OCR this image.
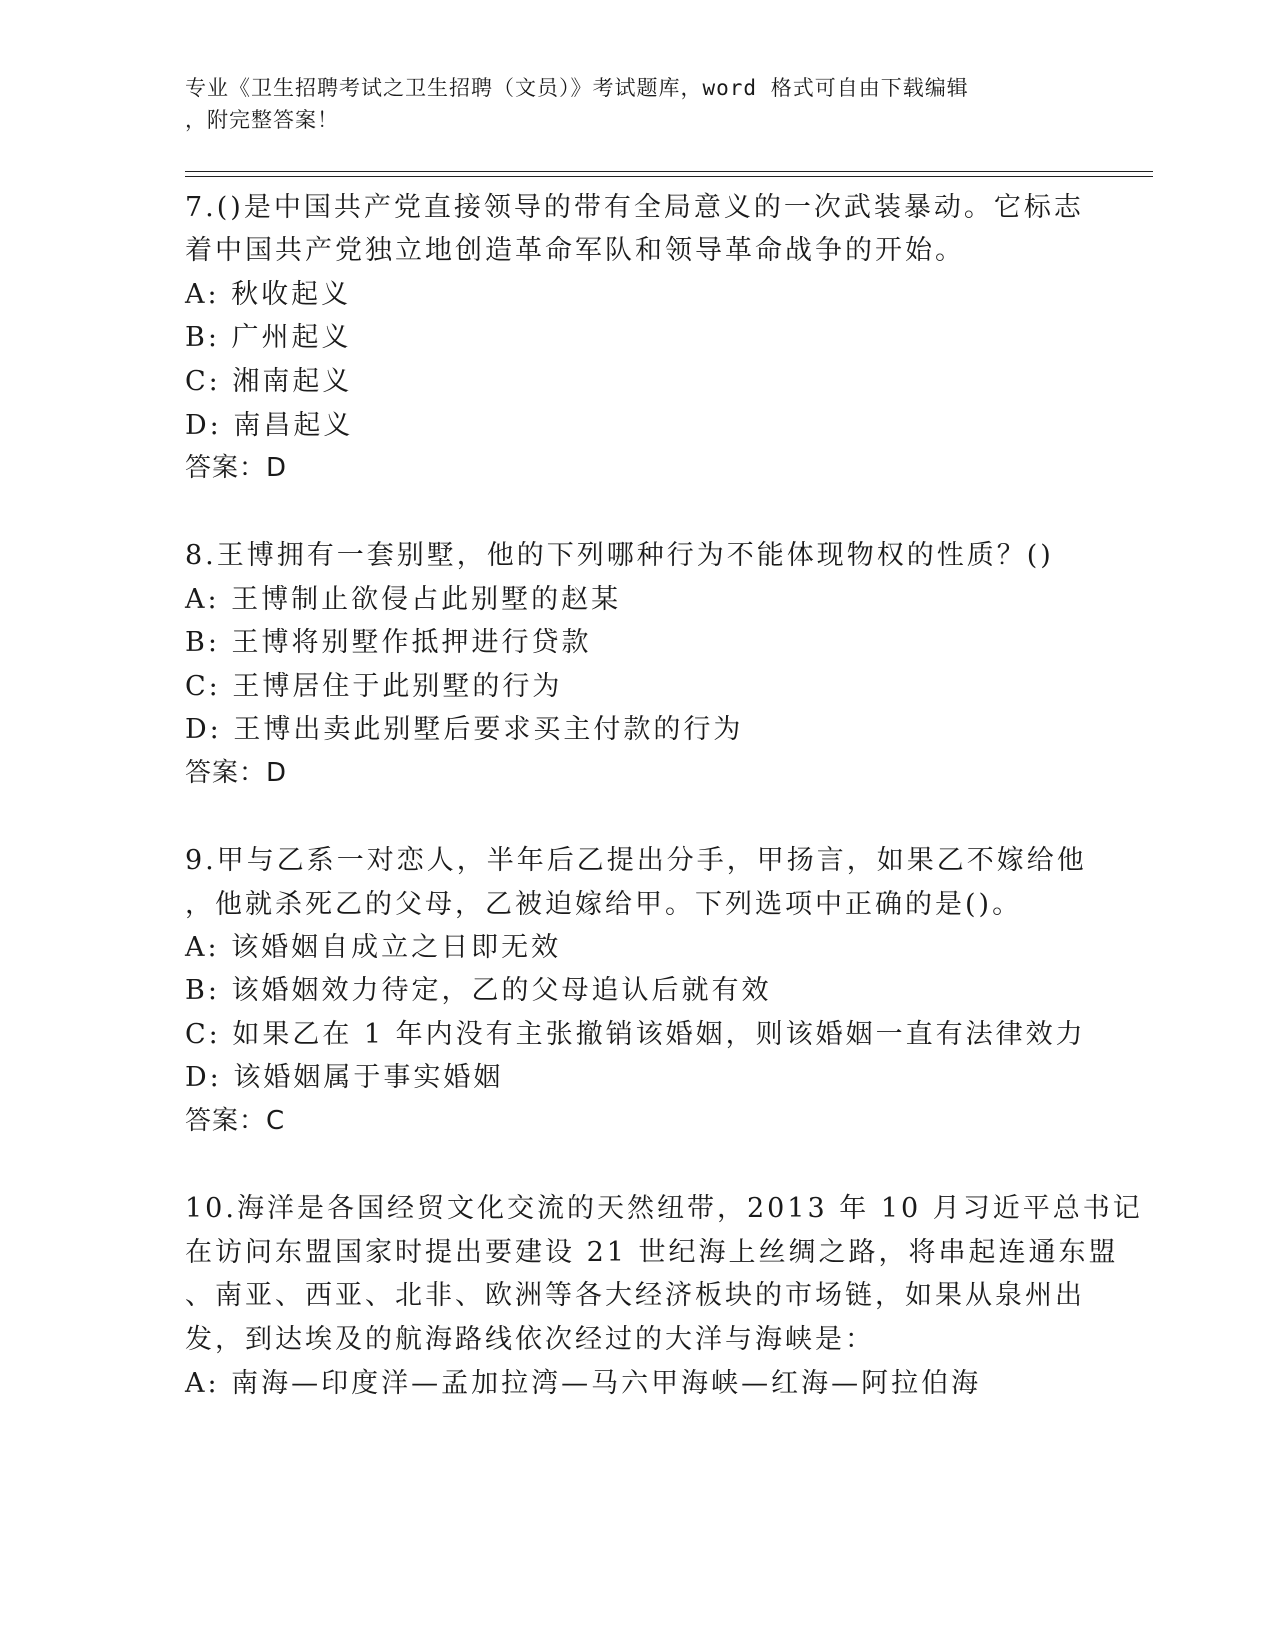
专业《卫生招聘考试之卫生招聘（文员）》考试题库，word 格式可自由下载编辑
，附完整答案！
7.()是中国共产党直接领导的带有全局意义的一次武装暴动。它标志
着中国共产党独立地创造革命军队和领导革命战争的开始。
A: 秋收起义
B: 广州起义
C: 湘南起义
D: 南昌起义
答案：D
8.王博拥有一套别墅，他的下列哪种行为不能体现物权的性质？()
A: 王博制止欲侵占此别墅的赵某
B: 王博将别墅作抵押进行贷款
C: 王博居住于此别墅的行为
D: 王博出卖此别墅后要求买主付款的行为
答案：D
9.甲与乙系一对恋人，半年后乙提出分手，甲扬言，如果乙不嫁给他
，他就杀死乙的父母，乙被迫嫁给甲。下列选项中正确的是()。
A: 该婚姻自成立之日即无效
B: 该婚姻效力待定，乙的父母追认后就有效
C: 如果乙在 1 年内没有主张撤销该婚姻，则该婚姻一直有法律效力
D: 该婚姻属于事实婚姻
答案：C
10.海洋是各国经贸文化交流的天然纽带，2013 年 10 月习近平总书记
在访问东盟国家时提出要建设 21 世纪海上丝绸之路，将串起连通东盟
、南亚、西亚、北非、欧洲等各大经济板块的市场链，如果从泉州出
发，到达埃及的航海路线依次经过的大洋与海峡是：
A: 南海—印度洋—孟加拉湾—马六甲海峡—红海—阿拉伯海
